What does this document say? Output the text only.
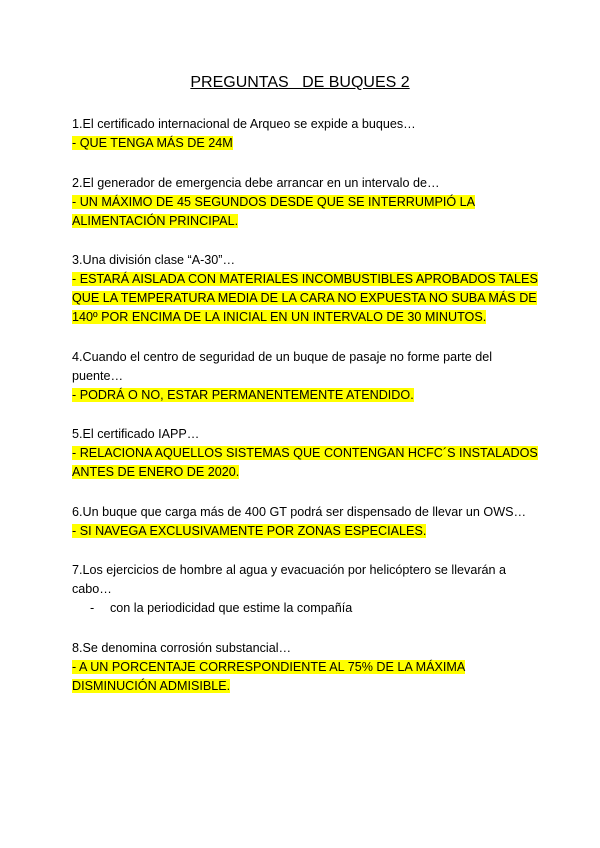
PREGUNTAS   DE BUQUES 2

1.El certificado internacional de Arqueo se expide a buques…

- QUE TENGA MÁS DE 24M

2.El generador de emergencia debe arrancar en un intervalo de…

- UN MÁXIMO DE 45 SEGUNDOS DESDE QUE SE INTERRUMPIÓ LA ALIMENTACIÓN PRINCIPAL.

3.Una división clase “A-30”…

- ESTARÁ AISLADA CON MATERIALES INCOMBUSTIBLES APROBADOS TALES QUE LA TEMPERATURA MEDIA DE LA CARA NO EXPUESTA NO SUBA MÁS DE 140º POR ENCIMA DE LA INICIAL EN UN INTERVALO DE 30 MINUTOS.

4.Cuando el centro de seguridad de un buque de pasaje no forme parte del puente…

- PODRÁ O NO, ESTAR PERMANENTEMENTE ATENDIDO.

5.El certificado IAPP…

- RELACIONA AQUELLOS SISTEMAS QUE CONTENGAN HCFC´S INSTALADOS ANTES DE ENERO DE 2020.

6.Un buque que carga más de 400 GT podrá ser dispensado de llevar un OWS…

- SI NAVEGA EXCLUSIVAMENTE POR ZONAS ESPECIALES.

7.Los ejercicios de hombre al agua y evacuación por helicóptero se llevarán a cabo…

-	con la periodicidad que estime la compañía

8.Se denomina corrosión substancial…

- A UN PORCENTAJE CORRESPONDIENTE AL 75% DE LA MÁXIMA DISMINUCIÓN ADMISIBLE.
